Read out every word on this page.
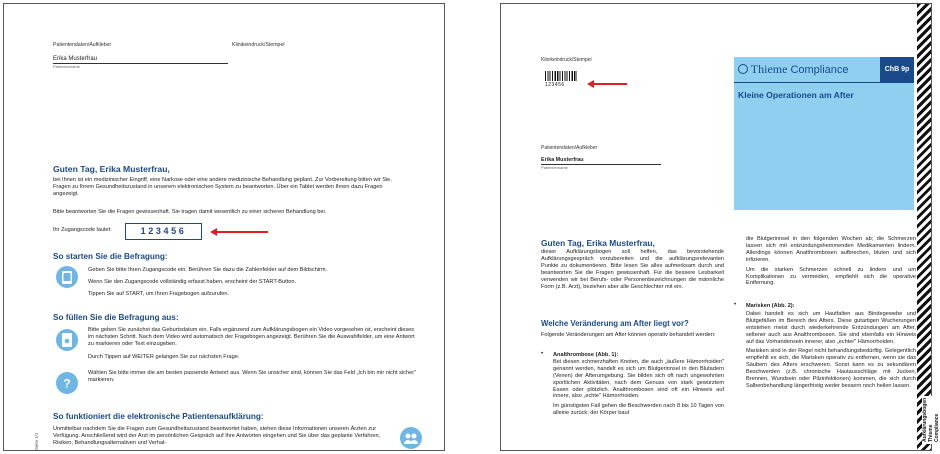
Patientendaten/Aufkleber	Klinikeindruck/Stempel
Erika Musterfrau
Patientenname
Guten Tag, Erika Musterfrau,
bei Ihnen ist ein medizinischer Eingriff, eine Narkose oder eine andere medizinische Behandlung geplant. Zur Vorbereitung bitten wir Sie, Fragen zu Ihrem Gesundheitszustand in unserem elektronischen System zu beantworten. Über ein Tablet werden Ihnen dazu Fragen angezeigt.
Bitte beantworten Sie die Fragen gewissenhaft. Sie tragen damit wesentlich zu einer sicheren Behandlung bei.
Ihr Zugangscode lautet:	123456
So starten Sie die Befragung:
Geben Sie bitte Ihren Zugangscode ein. Berühren Sie dazu die Zahlenfelder auf dem Bildschirm.
Wenn Sie den Zugangscode vollständig erfasst haben, erscheint der START-Button.
Tippen Sie auf START, um Ihren Fragebogen aufzurufen.
So füllen Sie die Befragung aus:
Bitte geben Sie zunächst das Geburtsdatum ein. Falls ergänzend zum Aufklärungsbogen ein Video vorgesehen ist, erscheint dieses im nächsten Schritt. Nach dem Video wird automatisch der Fragebogen angezeigt. Berühren Sie die Auswahlfelder, um eine Antwort zu markieren oder Text einzugeben.
Durch Tippen auf WEITER gelangen Sie zur nächsten Frage.
?
Wählen Sie bitte immer die am besten passende Antwort aus. Wenn Sie unsicher sind, können Sie das Feld „Ich bin mir nicht sicher" markieren.
So funktioniert die elektronische Patientenaufklärung:
Unmittelbar nachdem Sie die Fragen zum Gesundheitszustand beantwortet haben, stehen diese Informationen unseren Ärzten zur Verfügung. Anschließend wird der Arzt im persönlichen Gespräch auf Ihre Antworten eingehen und Sie über das geplante Verfahren, Risiken, Behandlungsalternativen und Verhal-
Seite 1/1
Klinikeindruck/Stempel
123456
Thieme Compliance	ChB 9p
Kleine Operationen am After
Patientendaten/Aufkleber
Erika Musterfrau
Patientenname
Guten Tag, Erika Musterfrau,

dieser Aufklärungsbogen soll helfen, das bevorstehende Aufklärungsgespräch vorzubereiten und die aufklärungsrelevanten Punkte zu dokumentieren. Bitte lesen Sie alles aufmerksam durch und beantworten Sie die Fragen gewissenhaft. Für die bessere Lesbarkeit verwenden wir bei Berufs- oder Personenbezeichnungen die männliche Form (z.B. Arzt), beziehen aber alle Geschlechter mit ein.

Welche Veränderung am After liegt vor?

Folgende Veränderungen am After können operativ behandelt werden:

• Analthrombose (Abb. 1):

Bei diesen schmerzhaften Knoten, die auch „äußere Hämorrhoiden" genannt werden, handelt es sich um Blutgerinnsel in den Blutadern (Venen) der Afterumgebung. Sie bilden sich oft nach ungewohnten sportlichen Aktivitäten, nach dem Genuss von stark gewürztem Essen oder plötzlich. Analthrombosen sind oft ein Hinweis auf innere, also „echte" Hämorrhoiden.

Im günstigsten Fall gehen die Beschwerden nach 8 bis 10 Tagen von alleine zurück; der Körper baut

die Blutgerinnsel in den folgenden Wochen ab; die Schmerzen lassen sich mit entzündungshemmenden Medikamenten lindern. Allerdings können Analthrombosen aufbrechen, bluten und sich infizieren.

Um die starken Schmerzen schnell zu lindern und um Komplikationen zu vermeiden, empfiehlt sich die operative Entfernung.

• Marisken (Abb. 2):

Dabei handelt es sich um Hautfalten aus Bindegewebe und Blutgefäßen im Bereich des Afters. Diese gutartigen Wucherungen entstehen meist durch wiederkehrende Entzündungen am After, seltener auch aus Analthrombosen. Sie sind ebenfalls ein Hinweis auf das Vorhandensein innerer, also „echter" Hämorrhoiden.

Marisken sind in der Regel nicht behandlungsbedürftig. Gelegentlich empfiehlt es sich, die Marisken operativ zu entfernen, wenn sie das Säubern des Afters erschweren. Sonst kann es zu sekundären Beschwerden (z.B. chronische Hautausschläge mit Jucken, Brennen, Wundsein oder Pilzinfektionen) kommen, die sich durch Salbenbehandlung längerfristig weder bessern noch heilen lassen.

Aufklärungsbogen Thieme Compliance
